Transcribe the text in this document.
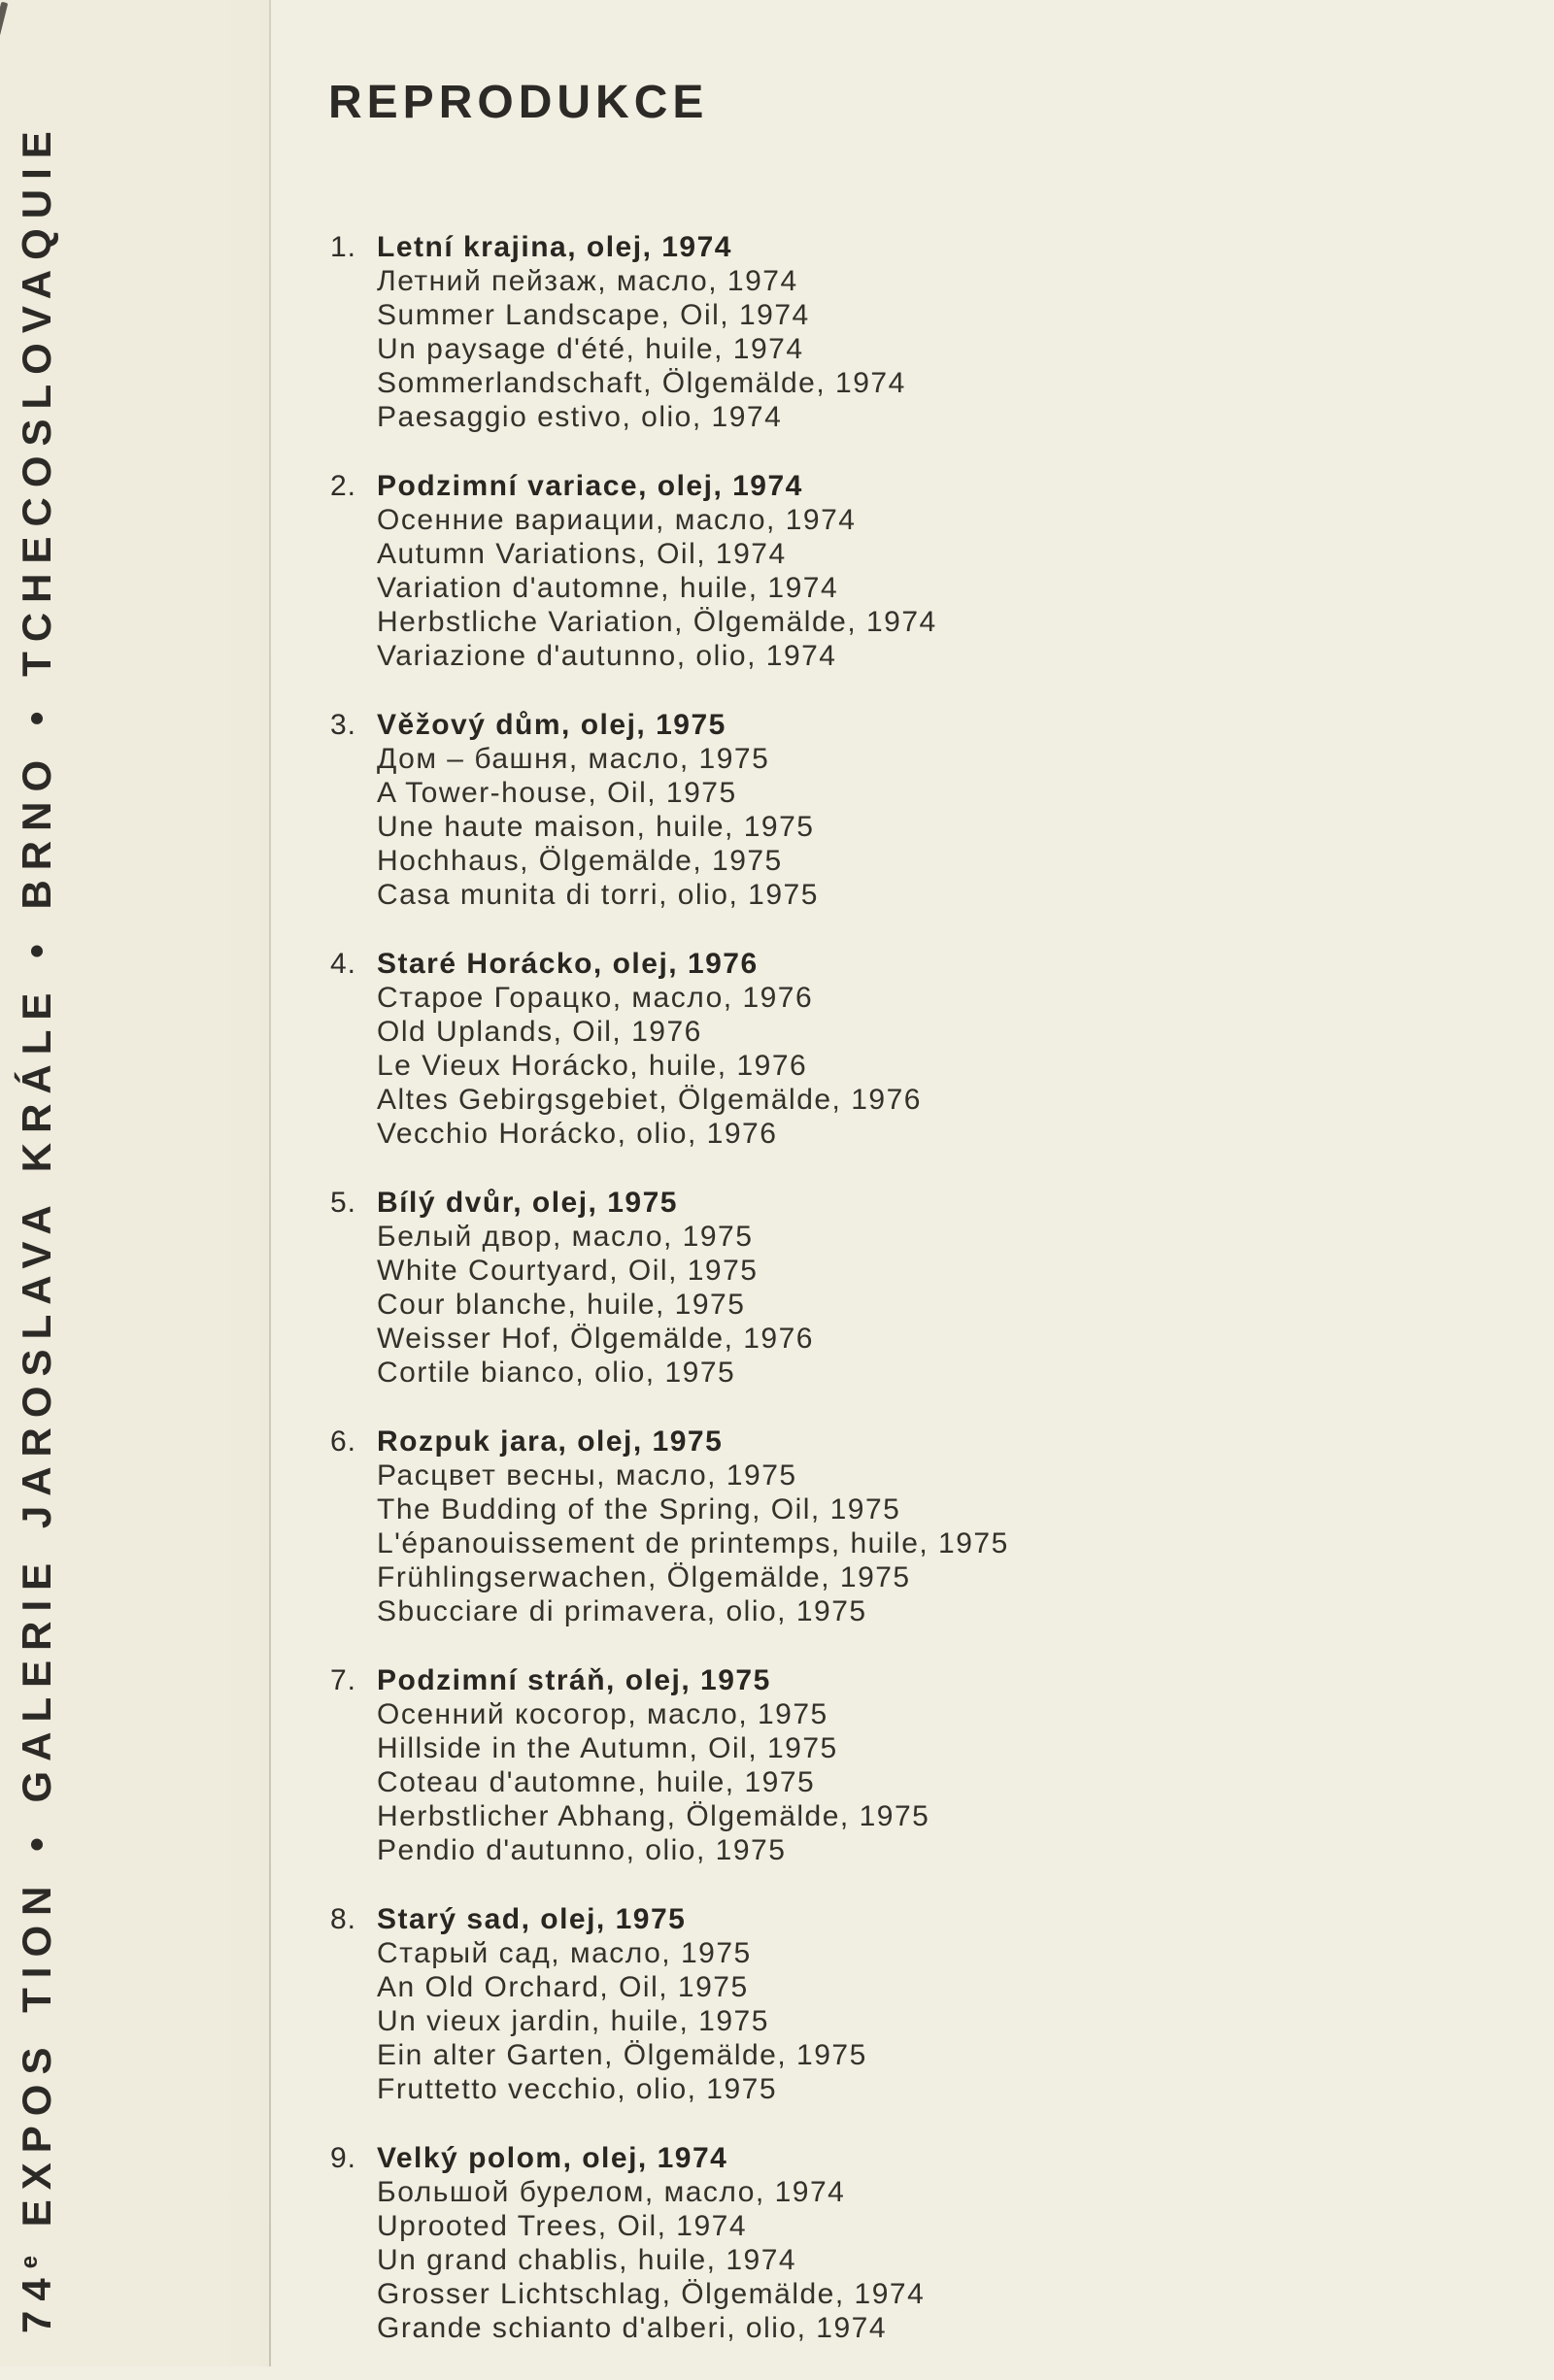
74e EXPOS TION • GALERIE JAROSLAVA KRÁLE • BRNO • TCHECOSLOVAQUIE
REPRODUKCE
1. Letní krajina, olej, 1974
Летний пейзаж, масло, 1974
Summer Landscape, Oil, 1974
Un paysage d'été, huile, 1974
Sommerlandschaft, Ölgemälde, 1974
Paesaggio estivo, olio, 1974
2. Podzimní variace, olej, 1974
Осенние вариации, масло, 1974
Autumn Variations, Oil, 1974
Variation d'automne, huile, 1974
Herbstliche Variation, Ölgemälde, 1974
Variazione d'autunno, olio, 1974
3. Věžový dům, olej, 1975
Дом – башня, масло, 1975
A Tower-house, Oil, 1975
Une haute maison, huile, 1975
Hochhaus, Ölgemälde, 1975
Casa munita di torri, olio, 1975
4. Staré Horácko, olej, 1976
Старое Горацко, масло, 1976
Old Uplands, Oil, 1976
Le Vieux Horácko, huile, 1976
Altes Gebirgsgebiet, Ölgemälde, 1976
Vecchio Horácko, olio, 1976
5. Bílý dvůr, olej, 1975
Белый двор, масло, 1975
White Courtyard, Oil, 1975
Cour blanche, huile, 1975
Weisser Hof, Ölgemälde, 1976
Cortile bianco, olio, 1975
6. Rozpuk jara, olej, 1975
Расцвет весны, масло, 1975
The Budding of the Spring, Oil, 1975
L'épanouissement de printemps, huile, 1975
Frühlingserwachen, Ölgemälde, 1975
Sbucciare di primavera, olio, 1975
7. Podzimní stráň, olej, 1975
Осенний косогор, масло, 1975
Hillside in the Autumn, Oil, 1975
Coteau d'automne, huile, 1975
Herbstlicher Abhang, Ölgemälde, 1975
Pendio d'autunno, olio, 1975
8. Starý sad, olej, 1975
Старый сад, масло, 1975
An Old Orchard, Oil, 1975
Un vieux jardin, huile, 1975
Ein alter Garten, Ölgemälde, 1975
Fruttetto vecchio, olio, 1975
9. Velký polom, olej, 1974
Большой бурелом, масло, 1974
Uprooted Trees, Oil, 1974
Un grand chablis, huile, 1974
Grosser Lichtschlag, Ölgemälde, 1974
Grande schianto d'alberi, olio, 1974
